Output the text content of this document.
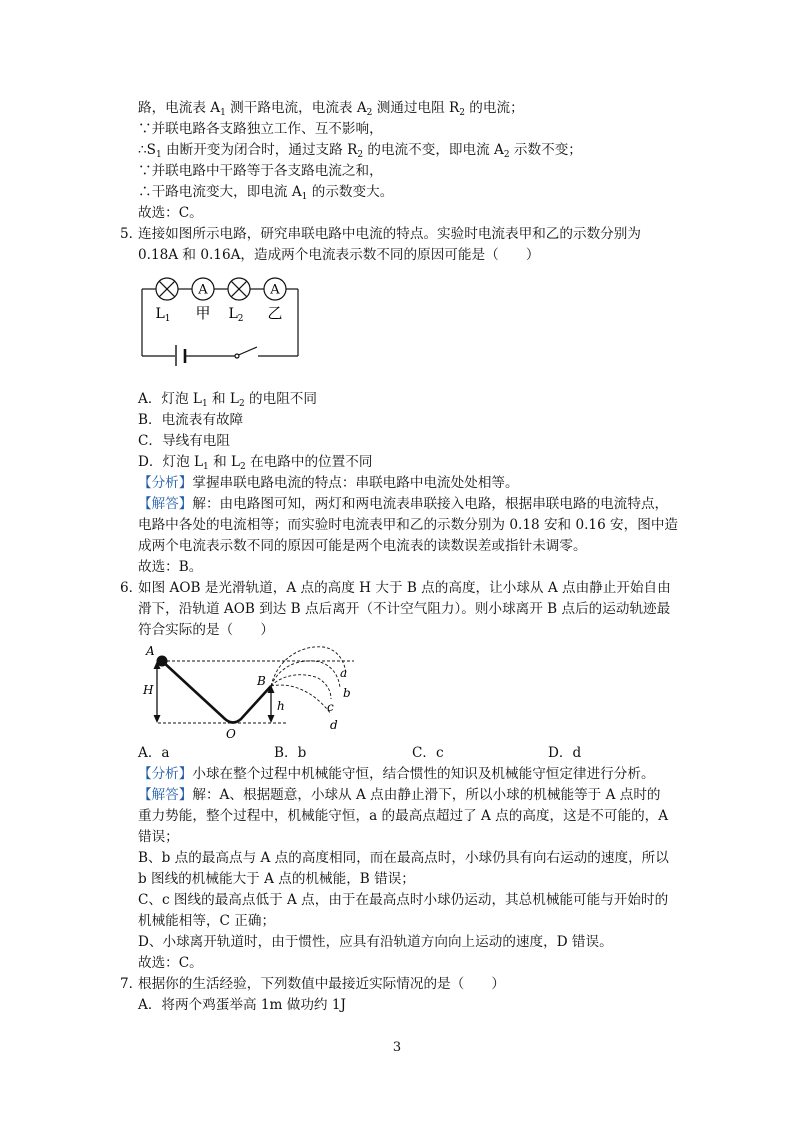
路，电流表 $A_1$ 测干路电流，电流表 $A_2$ 测通过电阻 $R_2$ 的电流；
∵并联电路各支路独立工作、互不影响，
$\therefore S_1$ 由断开变为闭合时，通过支路 $R_2$ 的电流不变，即电流 $A_2$ 示数不变；
∵并联电路中干路等于各支路电流之和，
∴干路电流变大，即电流 $A_1$ 的示数变大。
故选：C。
5．
连接如图所示电路，研究串联电路中电流的特点。实验时电流表甲和乙的示数分别为
0.18A 和 0.16A，造成两个电流表示数不同的原因可能是（　　）
A	A
$L_1$ 甲 $L_2$ 乙
A．灯泡 $L_1$ 和 $L_2$ 的电阻不同
B．电流表有故障
C．导线有电阻
D．灯泡 $L_1$ 和 $L_2$ 在电路中的位置不同
【分析】掌握串联电路电流的特点：串联电路中电流处处相等。
【解答】解：由电路图可知，两灯和两电流表串联接入电路，根据串联电路的电流特点，
电路中各处的电流相等；而实验时电流表甲和乙的示数分别为 0.18 安和 0.16 安，图中造
成两个电流表示数不同的原因可能是两个电流表的读数误差或指针未调零。
故选：B。
6．
如图 AOB 是光滑轨道，A 点的高度 H 大于 B 点的高度，让小球从 A 点由静止开始自由
滑下，沿轨道 AOB 到达 B 点后离开（不计空气阻力）。则小球离开 B 点后的运动轨迹最
符合实际的是（　　）
A
H
B
h
O
a
b
c
d
A．a	B．b	C．c	D．d
【分析】小球在整个过程中机械能守恒，结合惯性的知识及机械能守恒定律进行分析。
【解答】解：A、根据题意，小球从 A 点由静止滑下，所以小球的机械能等于 A 点时的
重力势能，整个过程中，机械能守恒，a 的最高点超过了 A 点的高度，这是不可能的，A
错误；
B、b 点的最高点与 A 点的高度相同，而在最高点时，小球仍具有向右运动的速度，所以
b 图线的机械能大于 A 点的机械能，B 错误；
C、c 图线的最高点低于 A 点，由于在最高点时小球仍运动，其总机械能可能与开始时的
机械能相等，C 正确；
D、小球离开轨道时，由于惯性，应具有沿轨道方向向上运动的速度，D 错误。
故选：C。
7．
根据你的生活经验，下列数值中最接近实际情况的是（　　）
A．将两个鸡蛋举高 1m 做功约 1J
3
